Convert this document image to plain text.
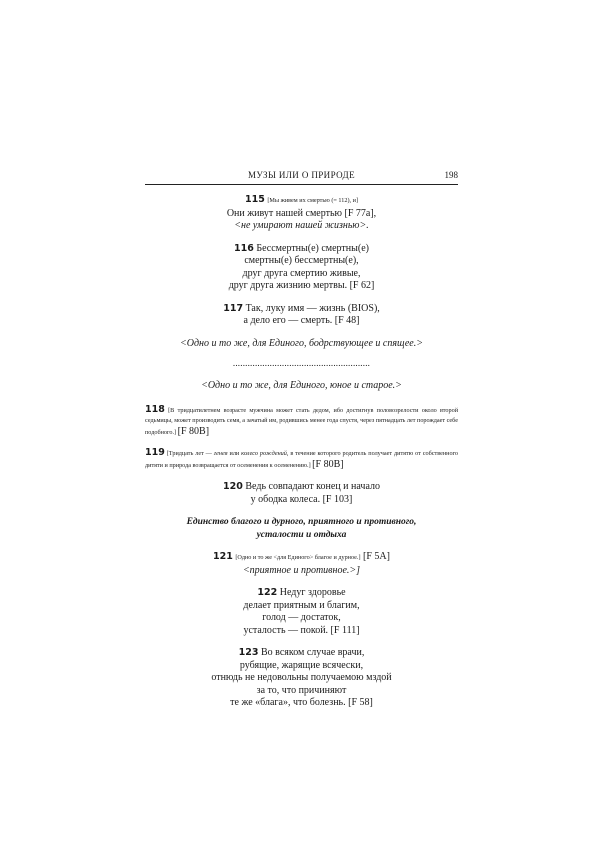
МУЗЫ ИЛИ О ПРИРОДЕ	198
115 [Мы живем их смертью (= 112), и]
Они живут нашей смертью [F 77a],
<не умирают нашей жизнью>.
116 Бессмертны(е) смертны(е)
смертны(е) бессмертны(е),
друг друга смертию живые,
друг друга жизнию мертвы. [F 62]
117 Так, луку имя — жизнь (BIOS),
а дело его — смерть. [F 48]
<Одно и то же, для Единого, бодрствующее и спящее.>
........................................................
<Одно и то же, для Единого, юное и старое.>
118 [В тридцатилетнем возрасте мужчина может стать дедом, ибо достигнув половозрелости около второй седьмицы, может производить семя, а зачатый им, родившись менее года спустя, через пятнадцать лет порождает себе подобного.] [F 80B]
119 [Тридцать лет — генея или колесо рождений, в течение которого родитель получает дитятю от собственного дитяти и природа возвращается от осеменения к осеменению.] [F 80B]
120 Ведь совпадают конец и начало
у ободка колеса. [F 103]
Единство благого и дурного, приятного и противного,
усталости и отдыха
121 [Одно и то же <для Единого> благое и дурное.] [F 5A]
<приятное и противное.>]
122 Недуг здоровье
делает приятным и благим,
голод — достаток,
усталость — покой. [F 111]
123 Во всяком случае врачи,
рубящие, жарящие всячески,
отнюдь не недовольны получаемою мздой
за то, что причиняют
те же «блага», что болезнь. [F 58]
